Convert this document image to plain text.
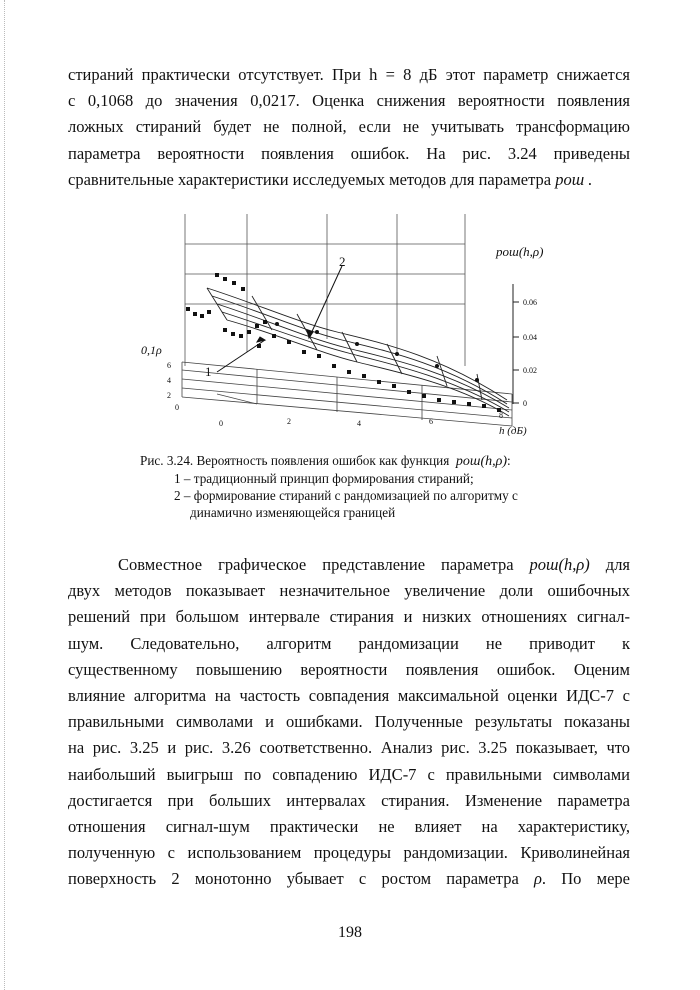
стираний практически отсутствует. При h = 8 дБ этот параметр снижается
с 0,1068 до значения 0,0217. Оценка снижения вероятности появления
ложных стираний будет не полной, если не учитывать трансформацию
параметра вероятности появления ошибок. На рис. 3.24 приведены
сравнительные характеристики исследуемых методов для параметра pош .
2
1
pош(h,ρ)
0.06
0.04
0.02
0
0,1ρ
6
4
2
0
0	2	4	6
8
h (дБ)
Рис. 3.24. Вероятность появления ошибок как функция pош(h,ρ):
1 – традиционный принцип формирования стираний;
2 – формирование стираний с рандомизацией по алгоритму с
динамично изменяющейся границей
Совместное графическое представление параметра pош(h,ρ) для
двух методов показывает незначительное увеличение доли ошибочных
решений при большом интервале стирания и низких отношениях сигнал-
шум. Следовательно, алгоритм рандомизации не приводит к
существенному повышению вероятности появления ошибок. Оценим
влияние алгоритма на частость совпадения максимальной оценки ИДС-7 с
правильными символами и ошибками. Полученные результаты показаны
на рис. 3.25 и рис. 3.26 соответственно. Анализ рис. 3.25 показывает, что
наибольший выигрыш по совпадению ИДС-7 с правильными символами
достигается при больших интервалах стирания. Изменение параметра
отношения сигнал-шум практически не влияет на характеристику,
полученную с использованием процедуры рандомизации. Криволинейная
поверхность 2 монотонно убывает с ростом параметра ρ. По мере
198
